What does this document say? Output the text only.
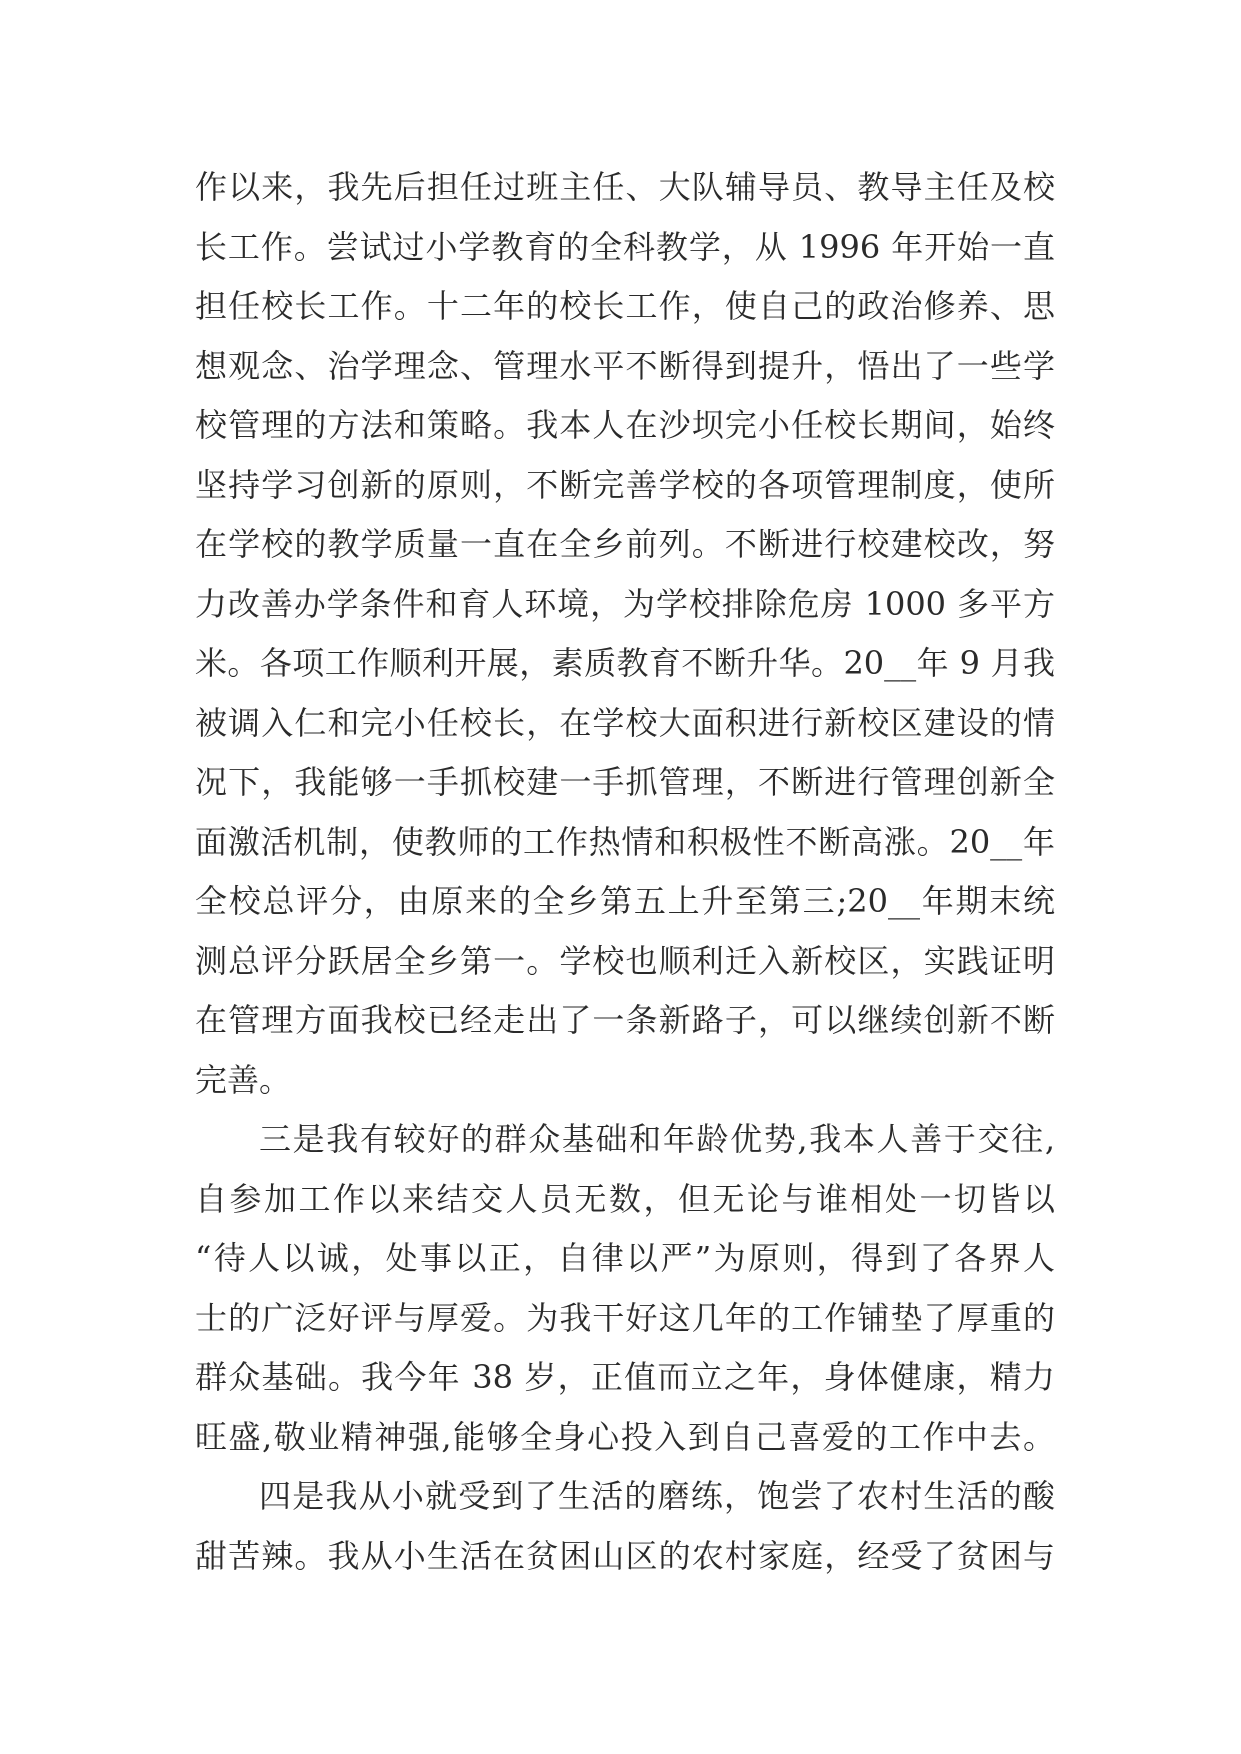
作以来，我先后担任过班主任、大队辅导员、教导主任及校
长工作。尝试过小学教育的全科教学，从 1996 年开始一直
担任校长工作。十二年的校长工作，使自己的政治修养、思
想观念、治学理念、管理水平不断得到提升，悟出了一些学
校管理的方法和策略。我本人在沙坝完小任校长期间，始终
坚持学习创新的原则，不断完善学校的各项管理制度，使所
在学校的教学质量一直在全乡前列。不断进行校建校改，努
力改善办学条件和育人环境，为学校排除危房 1000 多平方
米。各项工作顺利开展，素质教育不断升华。20__年 9 月我
被调入仁和完小任校长，在学校大面积进行新校区建设的情
况下，我能够一手抓校建一手抓管理，不断进行管理创新全
面激活机制，使教师的工作热情和积极性不断高涨。20__年
全校总评分，由原来的全乡第五上升至第三;20__年期末统
测总评分跃居全乡第一。学校也顺利迁入新校区，实践证明
在管理方面我校已经走出了一条新路子，可以继续创新不断
完善。
三是我有较好的群众基础和年龄优势,我本人善于交往,
自参加工作以来结交人员无数，但无论与谁相处一切皆以
“待人以诚，处事以正，自律以严”为原则，得到了各界人
士的广泛好评与厚爱。为我干好这几年的工作铺垫了厚重的
群众基础。我今年 38 岁，正值而立之年，身体健康，精力
旺盛,敬业精神强,能够全身心投入到自己喜爱的工作中去。
四是我从小就受到了生活的磨练，饱尝了农村生活的酸
甜苦辣。我从小生活在贫困山区的农村家庭，经受了贫困与
